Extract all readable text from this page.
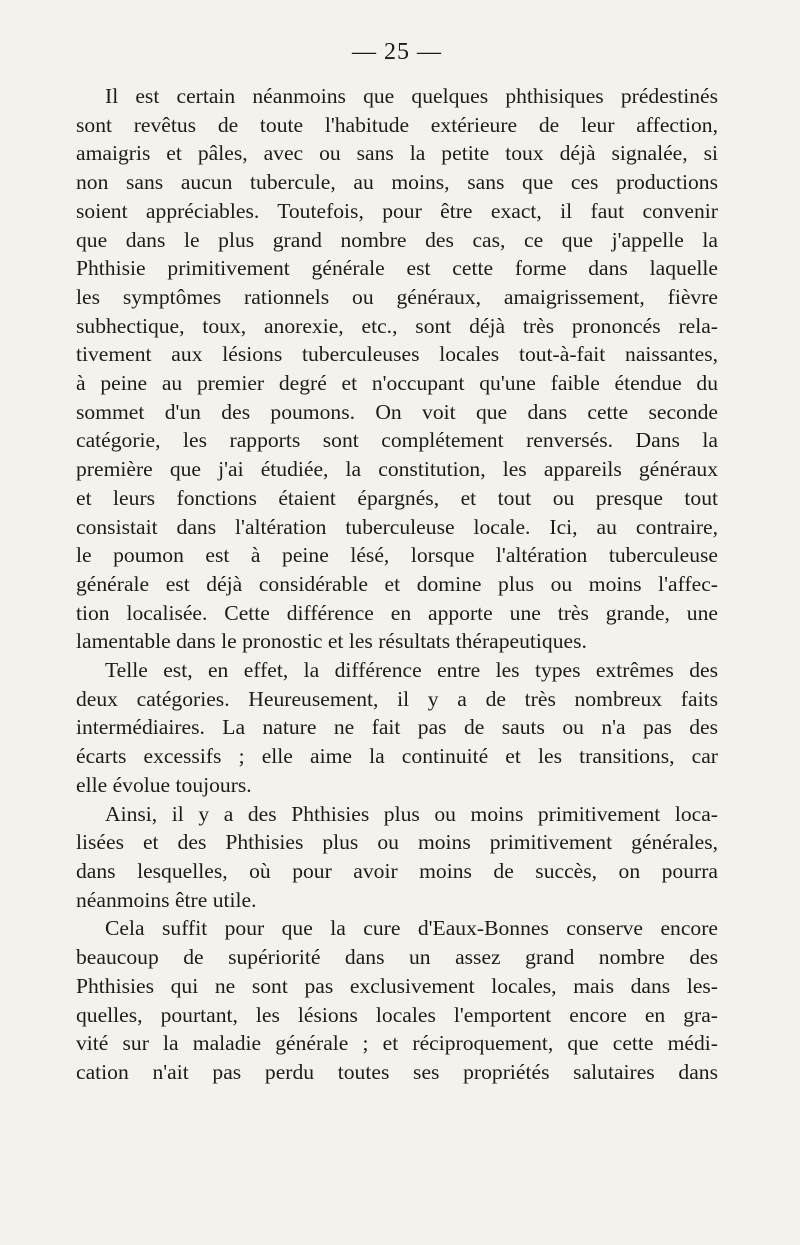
— 25 —
Il est certain néanmoins que quelques phthisiques prédestinés
sont revêtus de toute l'habitude extérieure de leur affection,
amaigris et pâles, avec ou sans la petite toux déjà signalée, si
non sans aucun tubercule, au moins, sans que ces productions
soient appréciables. Toutefois, pour être exact, il faut convenir
que dans le plus grand nombre des cas, ce que j'appelle la
Phthisie primitivement générale est cette forme dans laquelle
les symptômes rationnels ou généraux, amaigrissement, fièvre
subhectique, toux, anorexie, etc., sont déjà très prononcés rela-
tivement aux lésions tuberculeuses locales tout-à-fait naissantes,
à peine au premier degré et n'occupant qu'une faible étendue du
sommet d'un des poumons. On voit que dans cette seconde
catégorie, les rapports sont complétement renversés. Dans la
première que j'ai étudiée, la constitution, les appareils généraux
et leurs fonctions étaient épargnés, et tout ou presque tout
consistait dans l'altération tuberculeuse locale. Ici, au contraire,
le poumon est à peine lésé, lorsque l'altération tuberculeuse
générale est déjà considérable et domine plus ou moins l'affec-
tion localisée. Cette différence en apporte une très grande, une
lamentable dans le pronostic et les résultats thérapeutiques.
Telle est, en effet, la différence entre les types extrêmes des
deux catégories. Heureusement, il y a de très nombreux faits
intermédiaires. La nature ne fait pas de sauts ou n'a pas des
écarts excessifs ; elle aime la continuité et les transitions, car
elle évolue toujours.
Ainsi, il y a des Phthisies plus ou moins primitivement loca-
lisées et des Phthisies plus ou moins primitivement générales,
dans lesquelles, où pour avoir moins de succès, on pourra
néanmoins être utile.
Cela suffit pour que la cure d'Eaux-Bonnes conserve encore
beaucoup de supériorité dans un assez grand nombre des
Phthisies qui ne sont pas exclusivement locales, mais dans les-
quelles, pourtant, les lésions locales l'emportent encore en gra-
vité sur la maladie générale ; et réciproquement, que cette médi-
cation n'ait pas perdu toutes ses propriétés salutaires dans
